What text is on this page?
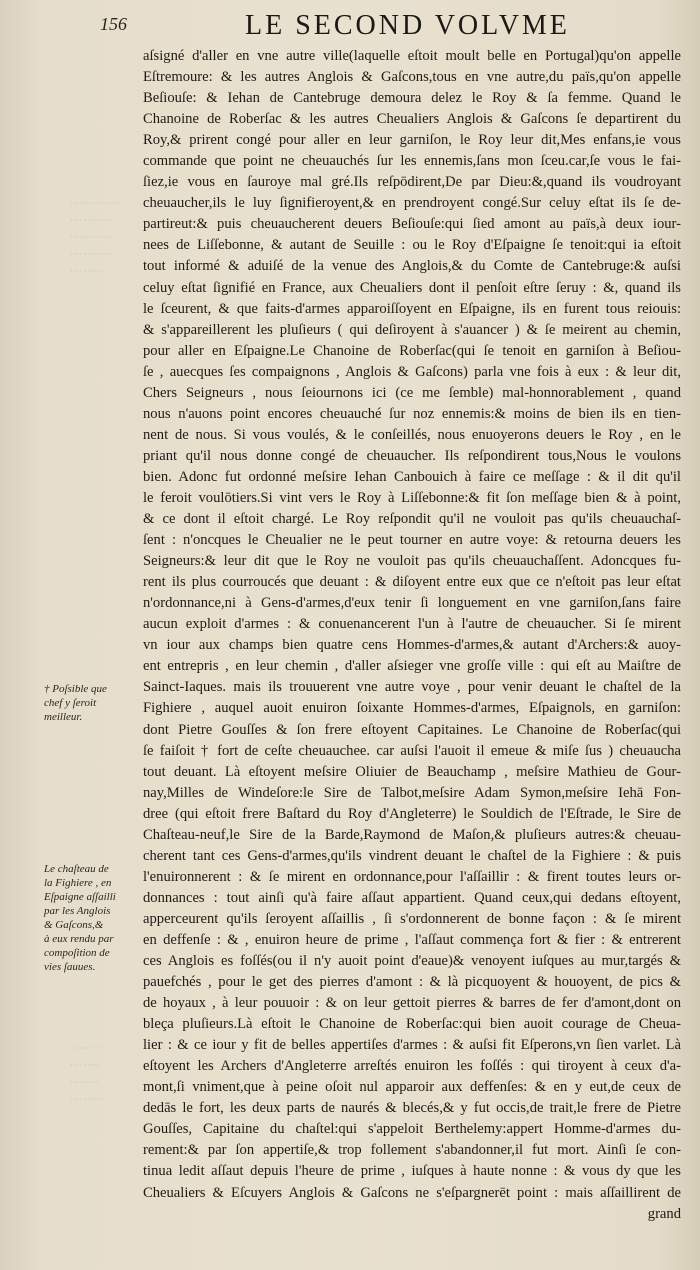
········ ··· ····
···· ······ ···
······ ·· ·····
···· ·········
···· ······
······ ····
···· ·····
······ ···
···· ·······
156	LE SECOND VOLVME
aſsigné d'aller en vne autre ville(laquelle eſtoit moult belle en Portugal)qu'on appelle
Eſtremoure: & les autres Anglois & Gaſcons,tous en vne autre,du païs,qu'on appelle
Beſiouſe: & Iehan de Cantebruge demoura delez le Roy & ſa femme. Quand le
Chanoine de Roberſac & les autres Cheualiers Anglois & Gaſcons ſe departirent du
Roy,& prirent congé pour aller en leur garniſon, le Roy leur dit,Mes enfans,ie vous
commande que point ne cheuauchés ſur les ennemis,ſans mon ſceu.car,ſe vous le fai-
ſiez,ie vous en ſauroye mal gré.Ils reſpōdirent,De par Dieu:&,quand ils voudroyant
cheuaucher,ils le luy ſignifieroyent,& en prendroyent congé.Sur celuy eſtat ils ſe de-
partireut:& puis cheuaucherent deuers Beſiouſe:qui ſied amont au païs,à deux iour-
nees de Liſſebonne, & autant de Seuille : ou le Roy d'Eſpaigne ſe tenoit:qui ia eſtoit
tout informé & aduiſé de la venue des Anglois,& du Comte de Cantebruge:& auſsi
celuy eſtat ſignifié en France, aux Cheualiers dont il penſoit eſtre ſeruy : &, quand ils
le ſceurent, & que faits-d'armes apparoiſſoyent en Eſpaigne, ils en furent tous reiouis:
& s'appareillerent les pluſieurs ( qui deſiroyent à s'auancer ) & ſe meirent au chemin,
pour aller en Eſpaigne.Le Chanoine de Roberſac(qui ſe tenoit en garniſon à Beſiou-
ſe , auecques ſes compaignons , Anglois & Gaſcons) parla vne fois à eux : & leur dit,
Chers Seigneurs , nous ſeiournons ici (ce me ſemble) mal-honnorablement , quand
nous n'auons point encores cheuauché ſur noz ennemis:& moins de bien ils en tien-
nent de nous. Si vous voulés, & le conſeillés, nous enuoyerons deuers le Roy , en le
priant qu'il nous donne congé de cheuaucher. Ils reſpondirent tous,Nous le voulons
bien. Adonc fut ordonné meſsire Iehan Canbouich à faire ce meſſage : & il dit qu'il
le feroit voulōtiers.Si vint vers le Roy à Liſſebonne:& fit ſon meſſage bien & à point,
& ce dont il eſtoit chargé. Le Roy reſpondit qu'il ne vouloit pas qu'ils cheuauchaſ-
ſent : n'oncques le Cheualier ne le peut tourner en autre voye: & retourna deuers les
Seigneurs:& leur dit que le Roy ne vouloit pas qu'ils cheuauchaſſent. Adoncques fu-
rent ils plus courroucés que deuant : & diſoyent entre eux que ce n'eſtoit pas leur eſtat
n'ordonnance,ni à Gens-d'armes,d'eux tenir ſi longuement en vne garniſon,ſans faire
aucun exploit d'armes : & conuenancerent l'un à l'autre de cheuaucher. Si ſe mirent
vn iour aux champs bien quatre cens Hommes-d'armes,& autant d'Archers:& auoy-
ent entrepris , en leur chemin , d'aller aſsieger vne groſſe ville : qui eſt au Maiſtre de
Sainct-Iaques. mais ils trouuerent vne autre voye , pour venir deuant le chaſtel de la
Fighiere , auquel auoit enuiron ſoixante Hommes-d'armes, Eſpaignols, en garniſon:
dont Pietre Gouſſes & ſon frere eſtoyent Capitaines. Le Chanoine de Roberſac(qui
ſe faiſoit † fort de ceſte cheuauchee. car auſsi l'auoit il emeue & miſe ſus ) cheuaucha
tout deuant. Là eſtoyent meſsire Oliuier de Beauchamp , meſsire Mathieu de Gour-
nay,Milles de Windeſore:le Sire de Talbot,meſsire Adam Symon,meſsire Iehā Fon-
dree (qui eſtoit frere Baſtard du Roy d'Angleterre) le Souldich de l'Eſtrade, le Sire de
Chaſteau-neuf,le Sire de la Barde,Raymond de Maſon,& pluſieurs autres:& cheuau-
cherent tant ces Gens-d'armes,qu'ils vindrent deuant le chaſtel de la Fighiere : & puis
l'enuironnerent : & ſe mirent en ordonnance,pour l'aſſaillir : & firent toutes leurs or-
donnances : tout ainſi qu'à faire aſſaut appartient. Quand ceux,qui dedans eſtoyent,
apperceurent qu'ils ſeroyent aſſaillis , ſi s'ordonnerent de bonne façon : & ſe mirent
en deffenſe : & , enuiron heure de prime , l'aſſaut commença fort & fier : & entrerent
ces Anglois es foſſés(ou il n'y auoit point d'eaue)& venoyent iuſques au mur,targés &
pauefchés , pour le get des pierres d'amont : & là picquoyent & houoyent, de pics &
de hoyaux , à leur pouuoir : & on leur gettoit pierres & barres de fer d'amont,dont on
bleça pluſieurs.Là eſtoit le Chanoine de Roberſac:qui bien auoit courage de Cheua-
lier : & ce iour y fit de belles appertiſes d'armes : & auſsi fit Eſperons,vn ſien varlet. Là
eſtoyent les Archers d'Angleterre arreſtés enuiron les foſſés : qui tiroyent à ceux d'a-
mont,ſi vniment,que à peine oſoit nul apparoir aux deffenſes: & en y eut,de ceux de
dedās le fort, les deux parts de naurés & blecés,& y fut occis,de trait,le frere de Pietre
Gouſſes, Capitaine du chaſtel:qui s'appeloit Berthelemy:appert Homme-d'armes du-
rement:& par ſon appertiſe,& trop follement s'abandonner,il fut mort. Ainſi ſe con-
tinua ledit aſſaut depuis l'heure de prime , iuſques à haute nonne : & vous dy que les
Cheualiers & Eſcuyers Anglois & Gaſcons ne s'eſpargnerēt point : mais aſſaillirent de
grand
† Poſsible que
chef y ſeroit
meilleur.
Le chaſteau de
la Fighiere , en
Eſpaigne aſſailli
par les Anglois
& Gaſcons,&
à eux rendu par
compoſition de
vies ſauues.
